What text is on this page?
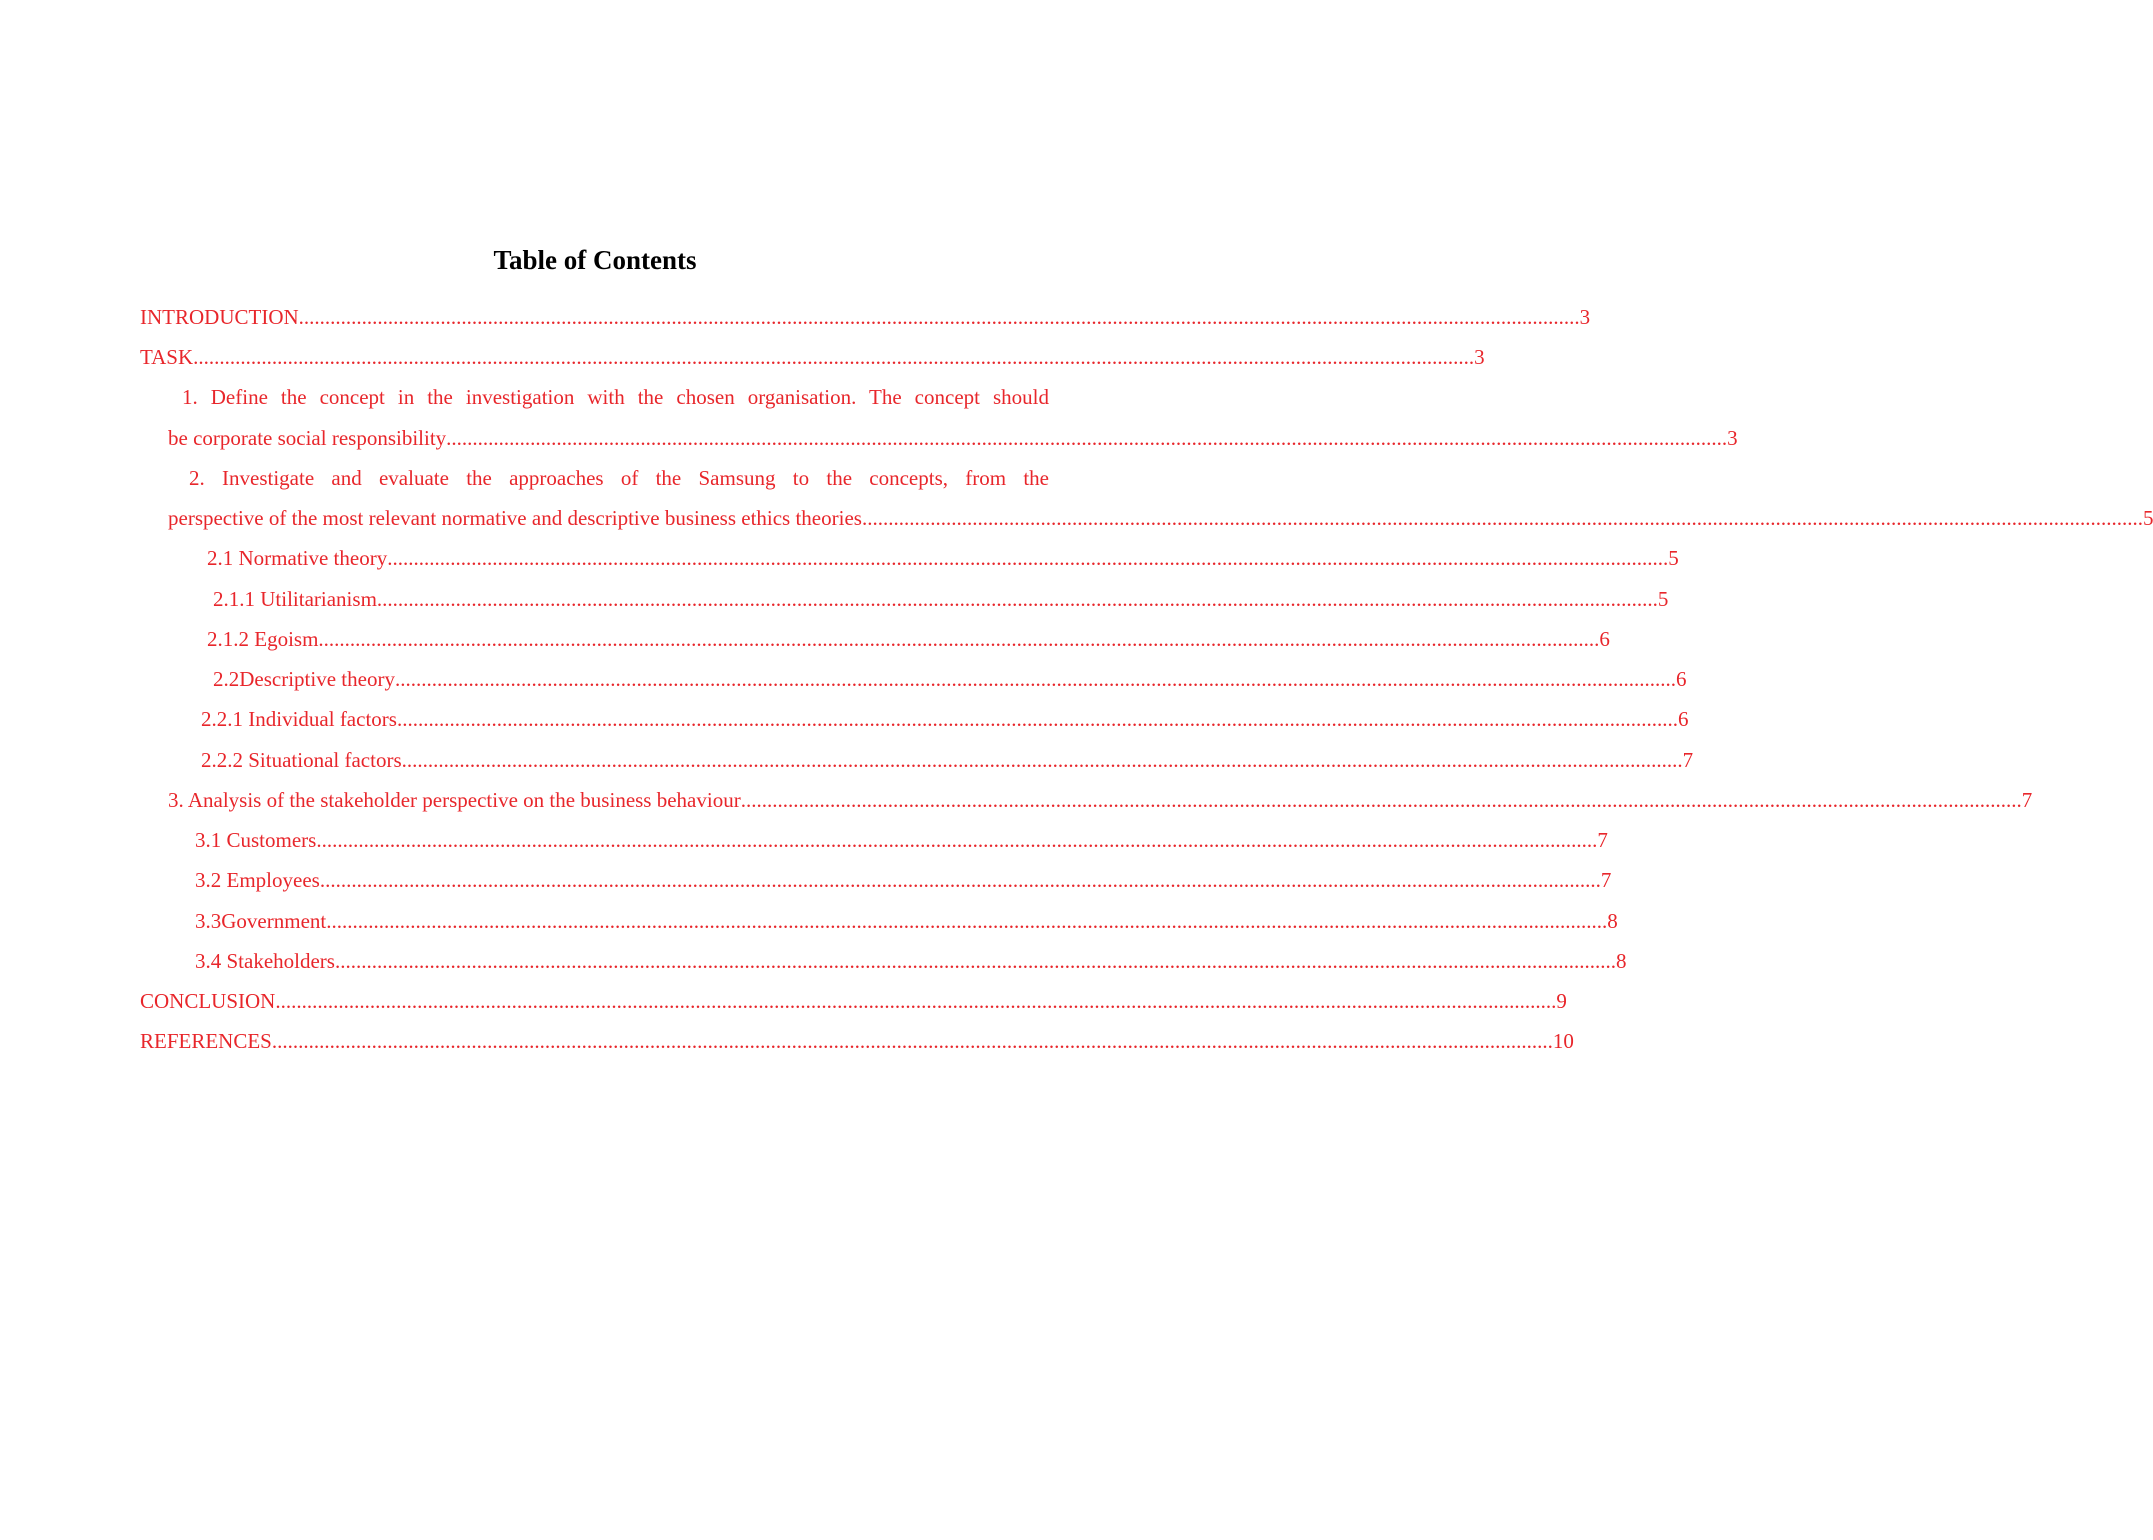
Table of Contents
INTRODUCTION .................................................................................................................................................................................................................................................... 3
TASK .................................................................................................................................................................................................................................................... 3
1. Define the concept in the investigation with the chosen organisation. The concept should
be corporate social responsibility .................................................................................................................................................................................................................................................... 3
2. Investigate and evaluate the approaches of the Samsung to the concepts, from the
perspective of the most relevant normative and descriptive business ethics theories .................................................................................................................................................................................................................................................... 5
2.1 Normative theory .................................................................................................................................................................................................................................................... 5
2.1.1 Utilitarianism .................................................................................................................................................................................................................................................... 5
2.1.2 Egoism .................................................................................................................................................................................................................................................... 6
2.2Descriptive theory .................................................................................................................................................................................................................................................... 6
2.2.1 Individual factors .................................................................................................................................................................................................................................................... 6
2.2.2 Situational factors .................................................................................................................................................................................................................................................... 7
3. Analysis of the stakeholder perspective on the business behaviour .................................................................................................................................................................................................................................................... 7
3.1 Customers .................................................................................................................................................................................................................................................... 7
3.2 Employees .................................................................................................................................................................................................................................................... 7
3.3Government .................................................................................................................................................................................................................................................... 8
3.4 Stakeholders .................................................................................................................................................................................................................................................... 8
CONCLUSION .................................................................................................................................................................................................................................................... 9
REFERENCES .................................................................................................................................................................................................................................................... 10
